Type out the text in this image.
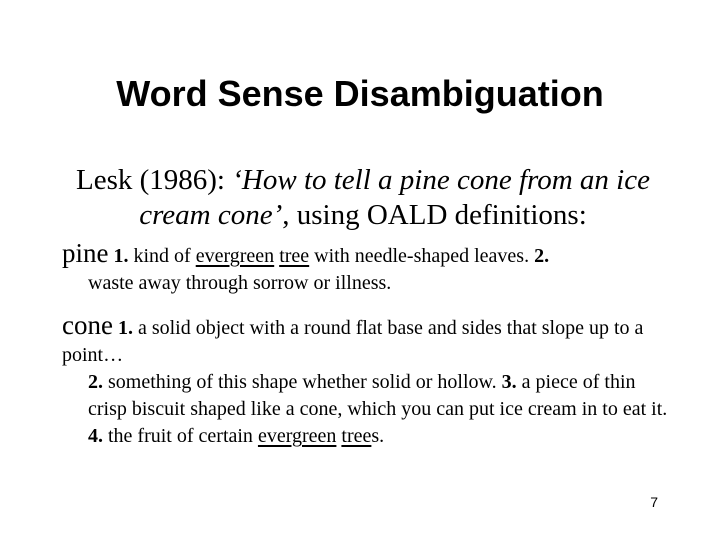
Word Sense Disambiguation
Lesk (1986): ‘How to tell a pine cone from an ice cream cone’, using OALD definitions:
pine 1. kind of evergreen tree with needle-shaped leaves. 2.
waste away through sorrow or illness.
cone 1. a solid object with a round flat base and sides that slope up to a point…
2. something of this shape whether solid or hollow. 3. a piece of thin crisp biscuit shaped like a cone, which you can put ice cream in to eat it. 4. the fruit of certain evergreen trees.
7
